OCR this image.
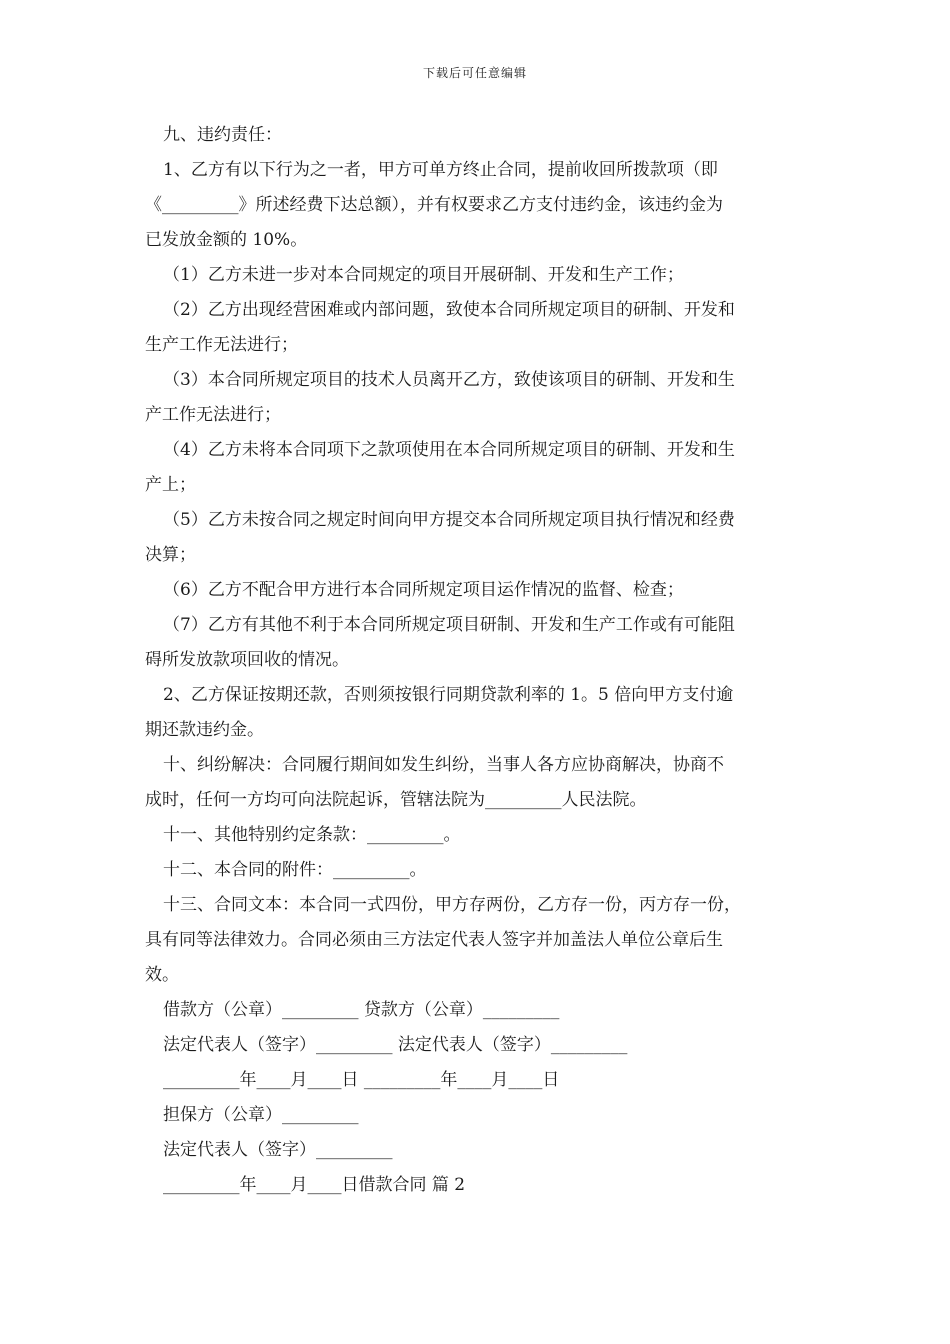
下载后可任意编辑
九、违约责任：
1、乙方有以下行为之一者，甲方可单方终止合同，提前收回所拨款项（即
《_________》所述经费下达总额），并有权要求乙方支付违约金，该违约金为
已发放金额的 10%。
（1）乙方未进一步对本合同规定的项目开展研制、开发和生产工作；
（2）乙方出现经营困难或内部问题，致使本合同所规定项目的研制、开发和
生产工作无法进行；
（3）本合同所规定项目的技术人员离开乙方，致使该项目的研制、开发和生
产工作无法进行；
（4）乙方未将本合同项下之款项使用在本合同所规定项目的研制、开发和生
产上；
（5）乙方未按合同之规定时间向甲方提交本合同所规定项目执行情况和经费
决算；
（6）乙方不配合甲方进行本合同所规定项目运作情况的监督、检查；
（7）乙方有其他不利于本合同所规定项目研制、开发和生产工作或有可能阻
碍所发放款项回收的情况。
2、乙方保证按期还款，否则须按银行同期贷款利率的 1。5 倍向甲方支付逾
期还款违约金。
十、纠纷解决：合同履行期间如发生纠纷，当事人各方应协商解决，协商不
成时，任何一方均可向法院起诉，管辖法院为_________人民法院。
十一、其他特别约定条款：_________。
十二、本合同的附件：_________。
十三、合同文本：本合同一式四份，甲方存两份，乙方存一份，丙方存一份，
具有同等法律效力。合同必须由三方法定代表人签字并加盖法人单位公章后生
效。
借款方（公章）_________ 贷款方（公章）_________
法定代表人（签字）_________ 法定代表人（签字）_________
_________年____月____日 _________年____月____日
担保方（公章）_________
法定代表人（签字）_________
_________年____月____日借款合同 篇 2
